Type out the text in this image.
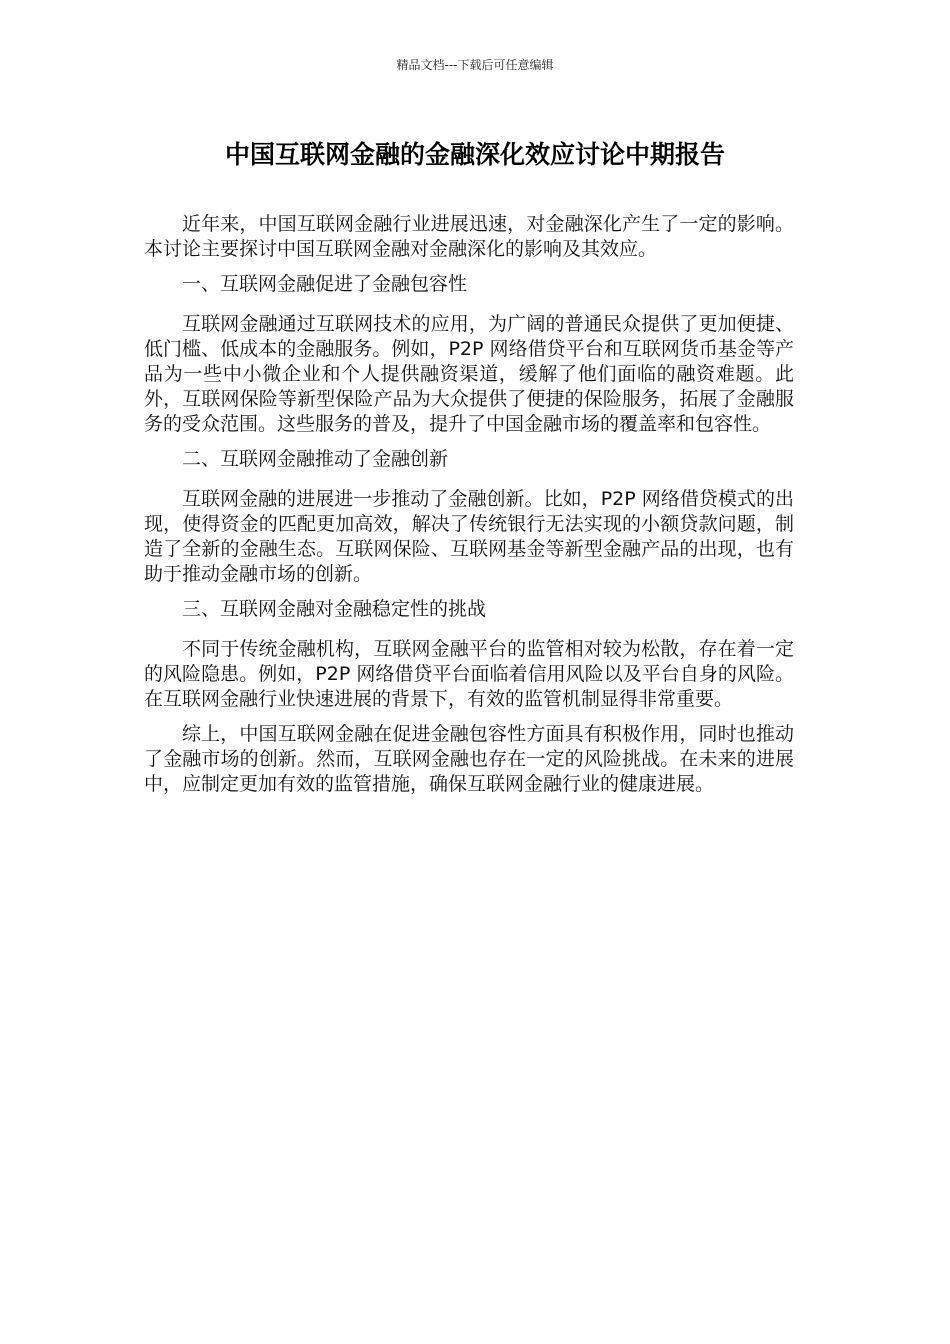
精品文档---下载后可任意编辑
中国互联网金融的金融深化效应讨论中期报告

近年来，中国互联网金融行业进展迅速，对金融深化产生了一定的影响。本讨论主要探讨中国互联网金融对金融深化的影响及其效应。

一、互联网金融促进了金融包容性

互联网金融通过互联网技术的应用，为广阔的普通民众提供了更加便捷、低门槛、低成本的金融服务。例如，P2P 网络借贷平台和互联网货币基金等产品为一些中小微企业和个人提供融资渠道，缓解了他们面临的融资难题。此外，互联网保险等新型保险产品为大众提供了便捷的保险服务，拓展了金融服务的受众范围。这些服务的普及，提升了中国金融市场的覆盖率和包容性。

二、互联网金融推动了金融创新

互联网金融的进展进一步推动了金融创新。比如，P2P 网络借贷模式的出现，使得资金的匹配更加高效，解决了传统银行无法实现的小额贷款问题，制造了全新的金融生态。互联网保险、互联网基金等新型金融产品的出现，也有助于推动金融市场的创新。

三、互联网金融对金融稳定性的挑战

不同于传统金融机构，互联网金融平台的监管相对较为松散，存在着一定的风险隐患。例如，P2P 网络借贷平台面临着信用风险以及平台自身的风险。在互联网金融行业快速进展的背景下，有效的监管机制显得非常重要。

综上，中国互联网金融在促进金融包容性方面具有积极作用，同时也推动了金融市场的创新。然而，互联网金融也存在一定的风险挑战。在未来的进展中，应制定更加有效的监管措施，确保互联网金融行业的健康进展。
